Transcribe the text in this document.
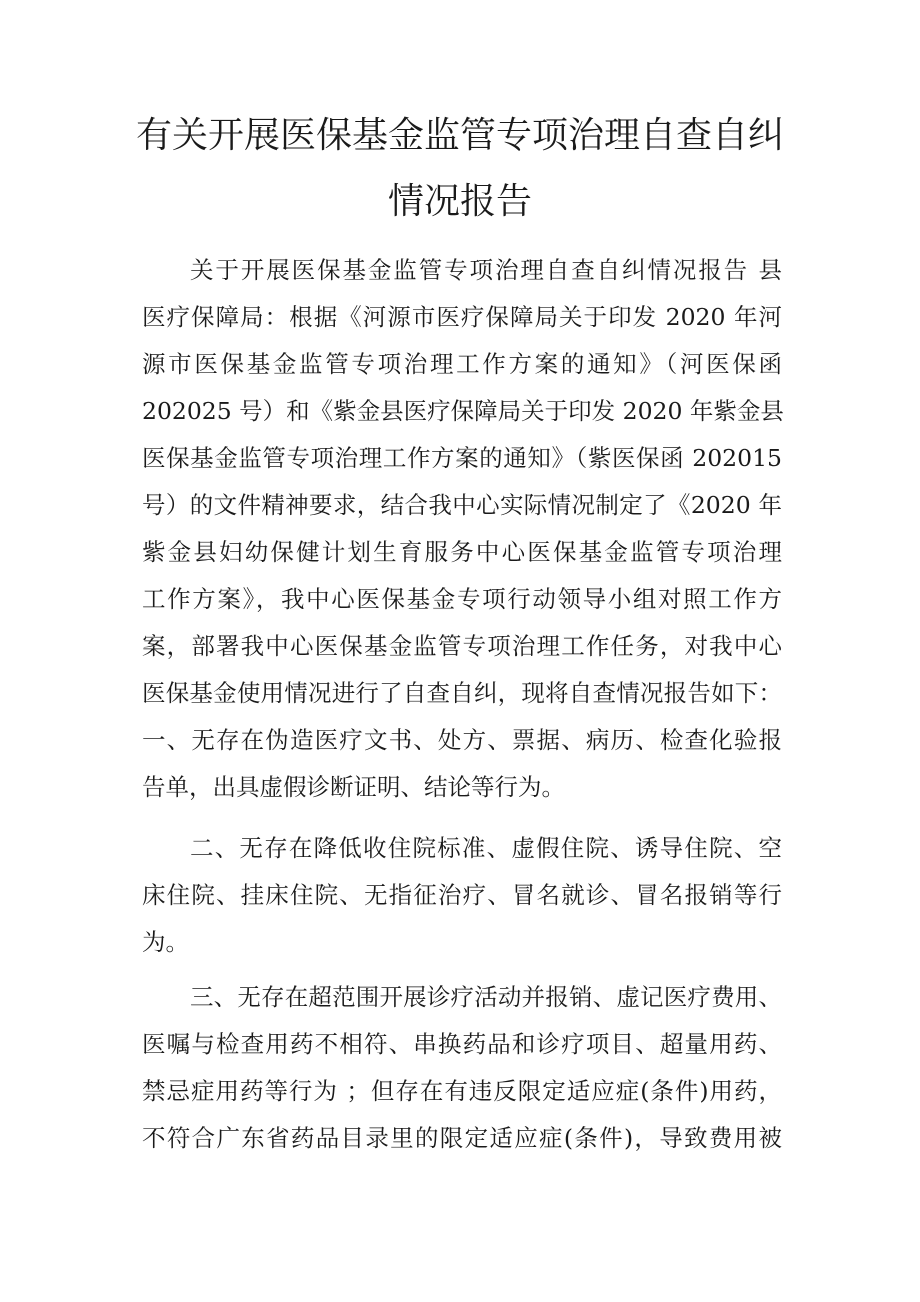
有关开展医保基金监管专项治理自查自纠
情况报告
关于开展医保基金监管专项治理自查自纠情况报告 县
医疗保障局：根据《河源市医疗保障局关于印发 2020 年河
源市医保基金监管专项治理工作方案的通知》（河医保函
202025 号）和《紫金县医疗保障局关于印发 2020 年紫金县
医保基金监管专项治理工作方案的通知》（紫医保函 202015
号）的文件精神要求，结合我中心实际情况制定了《2020 年
紫金县妇幼保健计划生育服务中心医保基金监管专项治理
工作方案》，我中心医保基金专项行动领导小组对照工作方
案，部署我中心医保基金监管专项治理工作任务，对我中心
医保基金使用情况进行了自查自纠，现将自查情况报告如下：
一、无存在伪造医疗文书、处方、票据、病历、检查化验报
告单，出具虚假诊断证明、结论等行为。
二、无存在降低收住院标准、虚假住院、诱导住院、空
床住院、挂床住院、无指征治疗、冒名就诊、冒名报销等行
为。
三、无存在超范围开展诊疗活动并报销、虚记医疗费用、
医嘱与检查用药不相符、串换药品和诊疗项目、超量用药、
禁忌症用药等行为 ；但存在有违反限定适应症(条件)用药，
不符合广东省药品目录里的限定适应症(条件)，导致费用被
